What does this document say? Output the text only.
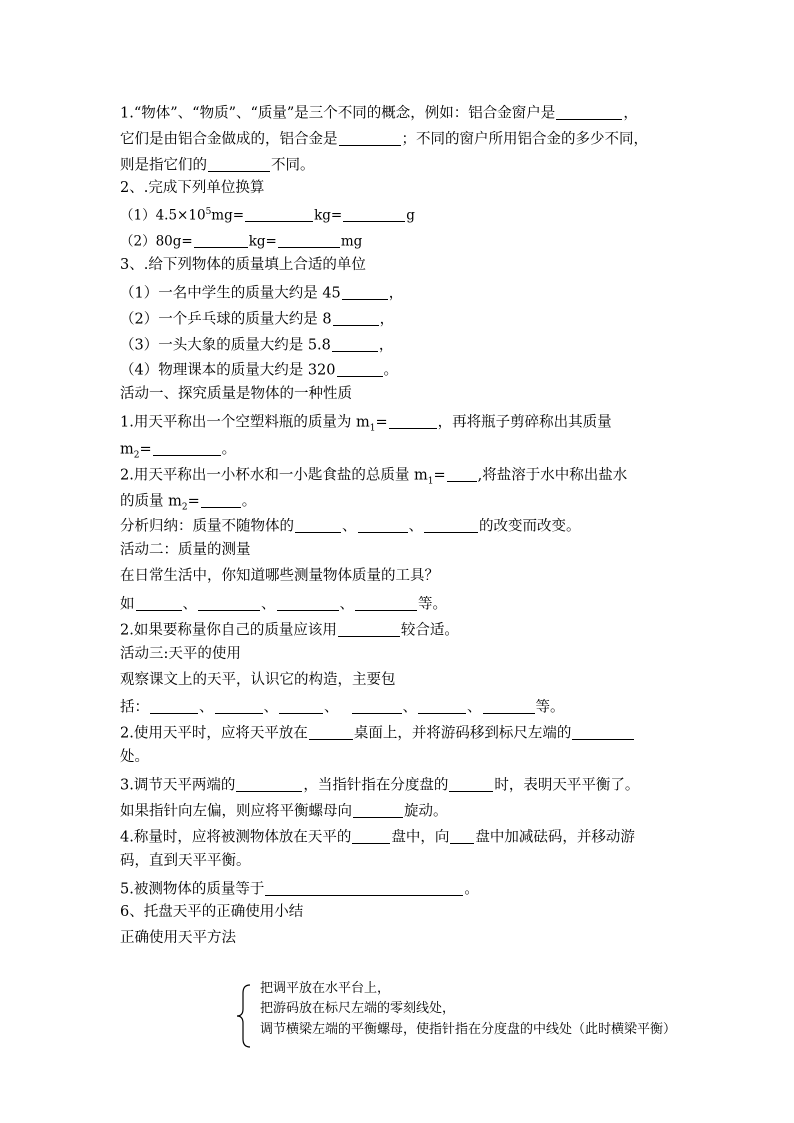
1.“物体”、“物质”、“质量”是三个不同的概念，例如：铝合金窗户是	，
它们是由铝合金做成的，铝合金是	；不同的窗户所用铝合金的多少不同，
则是指它们的	不同。
2、.完成下列单位换算
$(1)4.5\times 10^5mg=$	kg=	g
（2）80g=	kg=	mg
3、.给下列物体的质量填上合适的单位
（1）一名中学生的质量大约是 45	，
（2）一个乒乓球的质量大约是 8	，
（3）一头大象的质量大约是 5.8	，
（4）物理课本的质量大约是 320	。
活动一、探究质量是物体的一种性质
1.用天平称出一个空塑料瓶的质量为 $m_1=$	，再将瓶子剪碎称出其质量
$m_2=$	。
2.用天平称出一小杯水和一小匙食盐的总质量 $m_1=$ ,将盐溶于水中称出盐水
的质量 $m_2=$	。
分析归纳：质量不随物体的	、	、	的改变而改变。
活动二：质量的测量
在日常生活中，你知道哪些测量物体质量的工具？
如	、	、	、	等。
2.如果要称量你自己的质量应该用	较合适。
活动三:天平的使用
观察课文上的天平，认识它的构造，主要包
括：	、	、	、	、	、	等。
2.使用天平时，应将天平放在	桌面上，并将游码移到标尺左端的
处。
3.调节天平两端的	，当指针指在分度盘的	时，表明天平平衡了。
如果指针向左偏，则应将平衡螺母向	旋动。
4.称量时，应将被测物体放在天平的	盘中，向 盘中加减砝码，并移动游
码，直到天平平衡。
5.被测物体的质量等于	。
6、托盘天平的正确使用小结
正确使用天平方法
把调平放在水平台上，
把游码放在标尺左端的零刻线处，
调节横梁左端的平衡螺母，使指针指在分度盘的中线处（此时横梁平衡）
